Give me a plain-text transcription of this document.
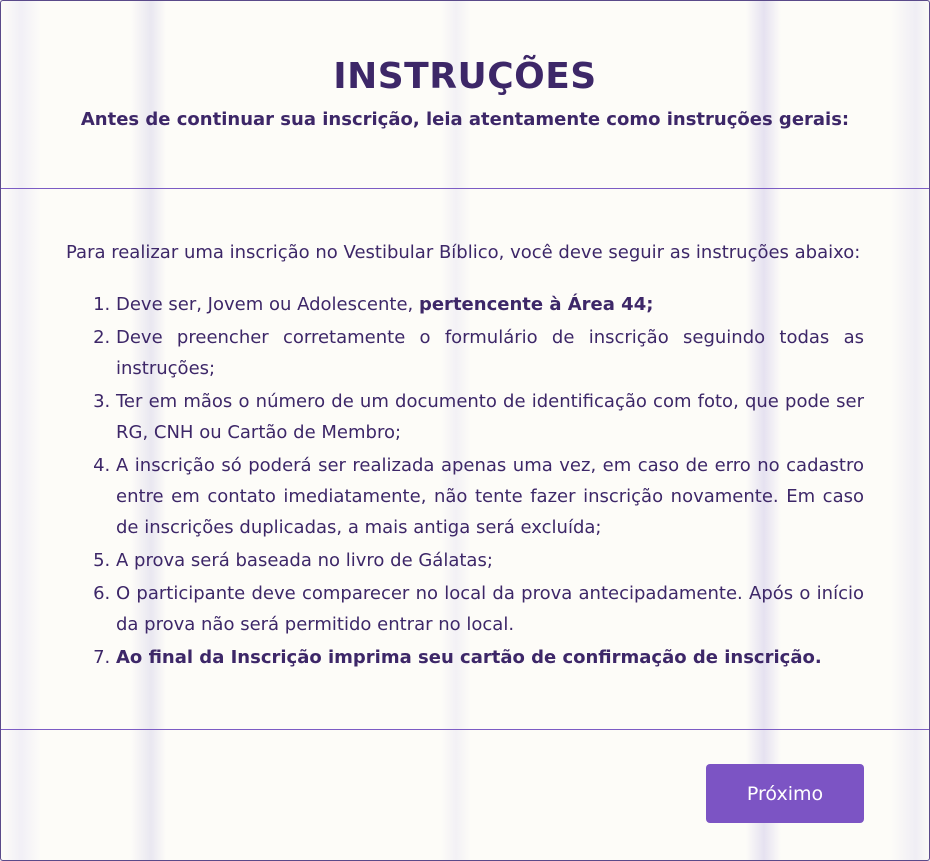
INSTRUÇÕES

Antes de continuar sua inscrição, leia atentamente como instruções gerais:

Para realizar uma inscrição no Vestibular Bíblico, você deve seguir as instruções abaixo:

1. Deve ser, Jovem ou Adolescente, pertencente à Área 44;
2. Deve preencher corretamente o formulário de inscrição seguindo todas as instruções;
3. Ter em mãos o número de um documento de identificação com foto, que pode ser RG, CNH ou Cartão de Membro;
4. A inscrição só poderá ser realizada apenas uma vez, em caso de erro no cadastro entre em contato imediatamente, não tente fazer inscrição novamente. Em caso de inscrições duplicadas, a mais antiga será excluída;
5. A prova será baseada no livro de Gálatas;
6. O participante deve comparecer no local da prova antecipadamente. Após o início da prova não será permitido entrar no local.
7. Ao final da Inscrição imprima seu cartão de confirmação de inscrição.
Próximo
